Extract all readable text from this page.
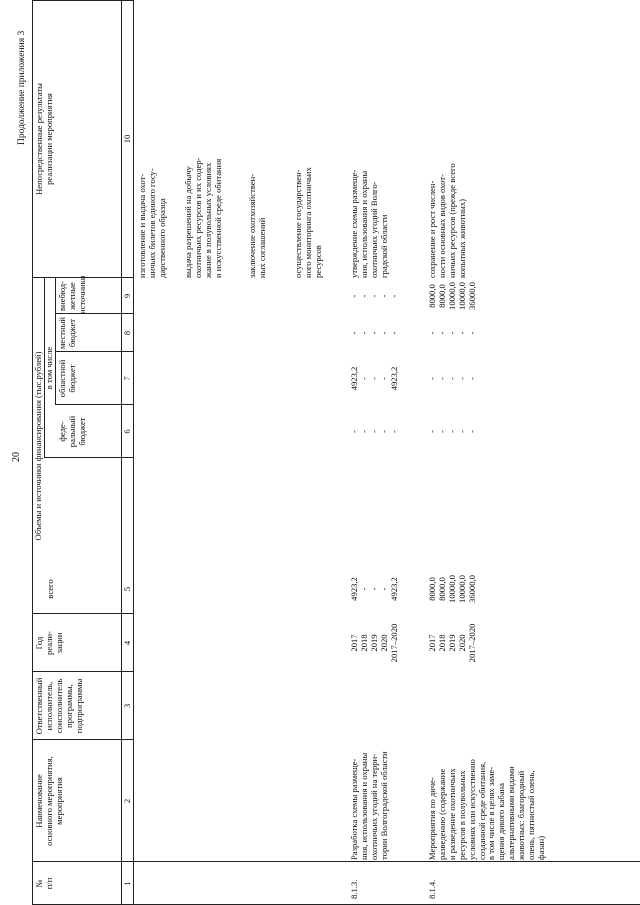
20
Продолжение приложения 3
№
п/п
Наименование
основного мероприятия,
мероприятия
Ответственный
исполнитель,
соисполнитель
программы,
подпрограммы
Год
реали-
зации
Объемы и источники финансирования (тыс.рублей)
всего
в том числе
феде-
ральный
бюджет
областной
бюджет
местный
бюджет
внебюд-
жетные
источники
Непосредственные результаты
реализации мероприятия
1
2
3
4
5
6
7
8
9
10
изготовление и выдача охот-
ничьих билетов единого госу-
дарственного образца
выдача разрешений на добычу
охотничьих ресурсов и их содер-
жание в полувольных условиях
и искусственной среде обитания
заключение охотхозяйствен-
ных соглашений	осуществление государствен-
ного мониторинга охотничьих
ресурсов
8.1.3.
Разработка схемы размеще-
ния, использования и охраны
охотничьих угодий на терри-
тории Волгоградской области
2017
2018
2019
2020
2017–2020
4923,2
-
-
-
4923,2
-
-
-
-
-
4923,2
-
-
-
4923,2
-
-
-
-
-
-
-
-
-
-
утверждение схемы размеще-
ния, использования и охраны
охотничьих угодий Волго-
градской области
8.1.4.
Мероприятия по диче-
разведению (содержание
и разведение охотничьих
ресурсов в полувольных
условиях или искусственно
созданной среде обитания,
в том числе в целях заме-
щения дикого кабана
альтернативными видами
животных: благородный
олень, пятнистый олень,
фазан)
2017
2018
2019
2020
2017–2020
8000,0
8000,0
10000,0
10000,0
36000,0
-
-
-
-
-
-
-
-
-
-
-
-
-
-
-
8000,0
8000,0
10000,0
10000,0
36000,0
сохранение и рост числен-
ности основных видов охот-
ничьих ресурсов (прежде всего
копытных животных)
